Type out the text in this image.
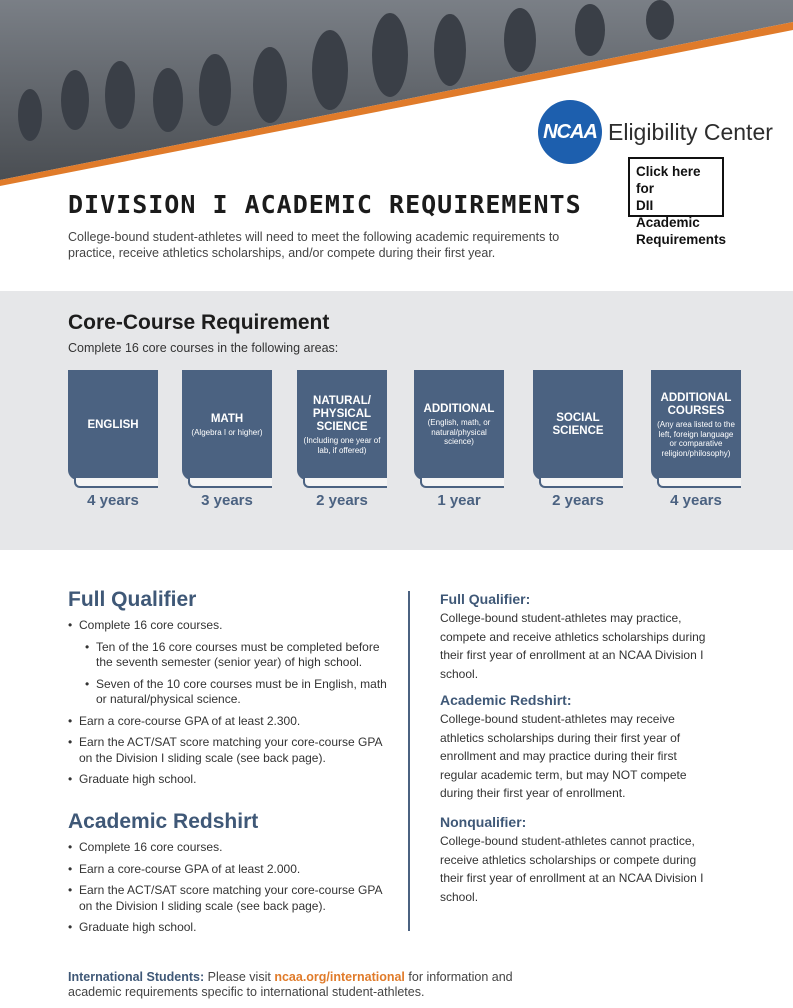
NCAA Eligibility Center
Click here for
DII Academic
Requirements
DIVISION I ACADEMIC REQUIREMENTS
College-bound student-athletes will need to meet the following academic requirements to practice, receive athletics scholarships, and/or compete during their first year.
Core-Course Requirement
Complete 16 core courses in the following areas:
ENGLISH
4 years
MATH
(Algebra I or higher)
3 years
NATURAL/ PHYSICAL SCIENCE
(Including one year of lab, if offered)
2 years
ADDITIONAL
(English, math, or natural/physical science)
1 year
SOCIAL SCIENCE
2 years
ADDITIONAL COURSES
(Any area listed to the left, foreign language or comparative religion/philosophy)
4 years
Full Qualifier
• Complete 16 core courses.
• Ten of the 16 core courses must be completed before the seventh semester (senior year) of high school.
• Seven of the 10 core courses must be in English, math or natural/physical science.
• Earn a core-course GPA of at least 2.300.
• Earn the ACT/SAT score matching your core-course GPA on the Division I sliding scale (see back page).
• Graduate high school.
Academic Redshirt
• Complete 16 core courses.
• Earn a core-course GPA of at least 2.000.
• Earn the ACT/SAT score matching your core-course GPA on the Division I sliding scale (see back page).
• Graduate high school.
Full Qualifier:
College-bound student-athletes may practice, compete and receive athletics scholarships during their first year of enrollment at an NCAA Division I school.
Academic Redshirt:
College-bound student-athletes may receive athletics scholarships during their first year of enrollment and may practice during their first regular academic term, but may NOT compete during their first year of enrollment.
Nonqualifier:
College-bound student-athletes cannot practice, receive athletics scholarships or compete during their first year of enrollment at an NCAA Division I school.
International Students: Please visit ncaa.org/international for information and academic requirements specific to international student-athletes.
